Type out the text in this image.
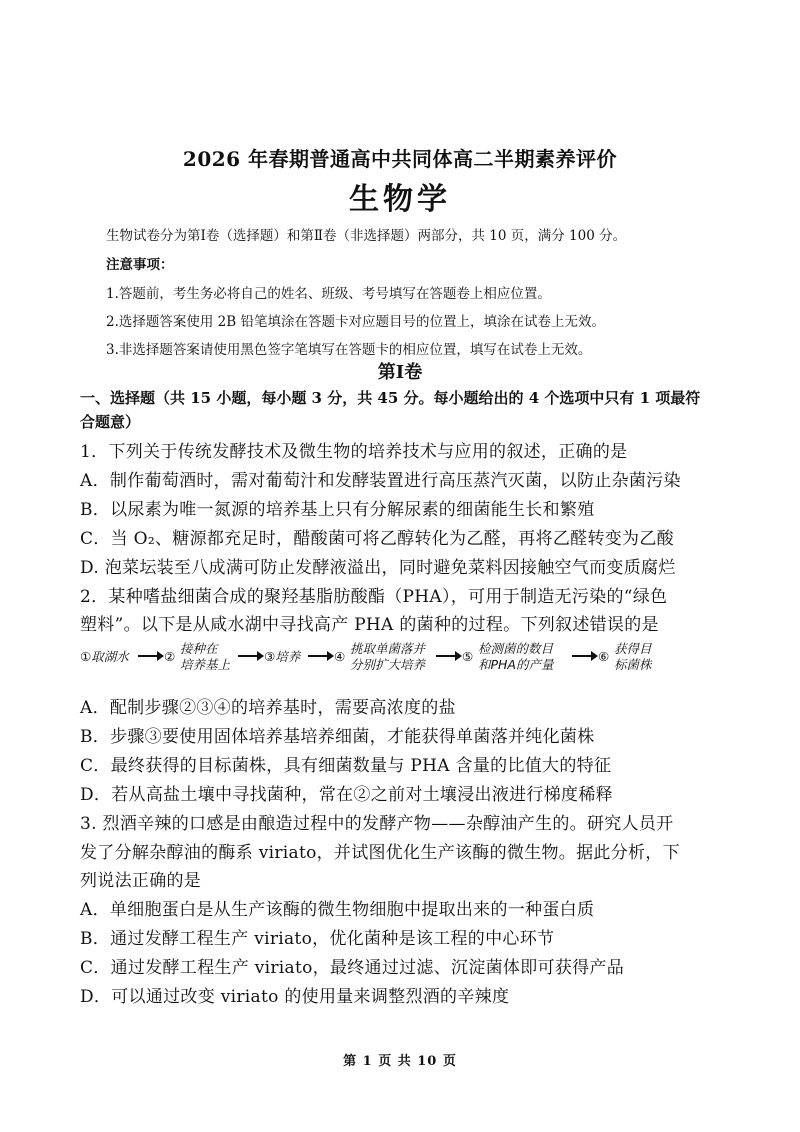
2026 年春期普通高中共同体高二半期素养评价
生物学
生物试卷分为第Ⅰ卷（选择题）和第Ⅱ卷（非选择题）两部分，共 10 页，满分 100 分。
注意事项：
1.答题前，考生务必将自己的姓名、班级、考号填写在答题卷上相应位置。
2.选择题答案使用 2B 铅笔填涂在答题卡对应题目号的位置上，填涂在试卷上无效。
3.非选择题答案请使用黑色签字笔填写在答题卡的相应位置，填写在试卷上无效。
第Ⅰ卷
一、选择题（共 15 小题，每小题 3 分，共 45 分。每小题给出的 4 个选项中只有 1 项最符
合题意）
1．下列关于传统发酵技术及微生物的培养技术与应用的叙述，正确的是
A．制作葡萄酒时，需对葡萄汁和发酵装置进行高压蒸汽灭菌，以防止杂菌污染
B．以尿素为唯一氮源的培养基上只有分解尿素的细菌能生长和繁殖
C．当 O₂、糖源都充足时，醋酸菌可将乙醇转化为乙醛，再将乙醛转变为乙酸
D. 泡菜坛装至八成满可防止发酵液溢出，同时避免菜料因接触空气而变质腐烂
2．某种嗜盐细菌合成的聚羟基脂肪酸酯（PHA），可用于制造无污染的“绿色
塑料”。以下是从咸水湖中寻找高产 PHA 的菌种的过程。下列叙述错误的是
①取湖水	②
接种在
培养基上
③培养	④
挑取单菌落并
分别扩大培养
⑤
检测菌的数目
和PHA的产量
⑥
获得目
标菌株
A．配制步骤②③④的培养基时，需要高浓度的盐
B．步骤③要使用固体培养基培养细菌，才能获得单菌落并纯化菌株
C．最终获得的目标菌株，具有细菌数量与 PHA 含量的比值大的特征
D．若从高盐土壤中寻找菌种，常在②之前对土壤浸出液进行梯度稀释
3. 烈酒辛辣的口感是由酿造过程中的发酵产物——杂醇油产生的。研究人员开
发了分解杂醇油的酶系 viriato，并试图优化生产该酶的微生物。据此分析，下
列说法正确的是
A．单细胞蛋白是从生产该酶的微生物细胞中提取出来的一种蛋白质
B．通过发酵工程生产 viriato，优化菌种是该工程的中心环节
C．通过发酵工程生产 viriato，最终通过过滤、沉淀菌体即可获得产品
D．可以通过改变 viriato 的使用量来调整烈酒的辛辣度
第 1 页 共 10 页
